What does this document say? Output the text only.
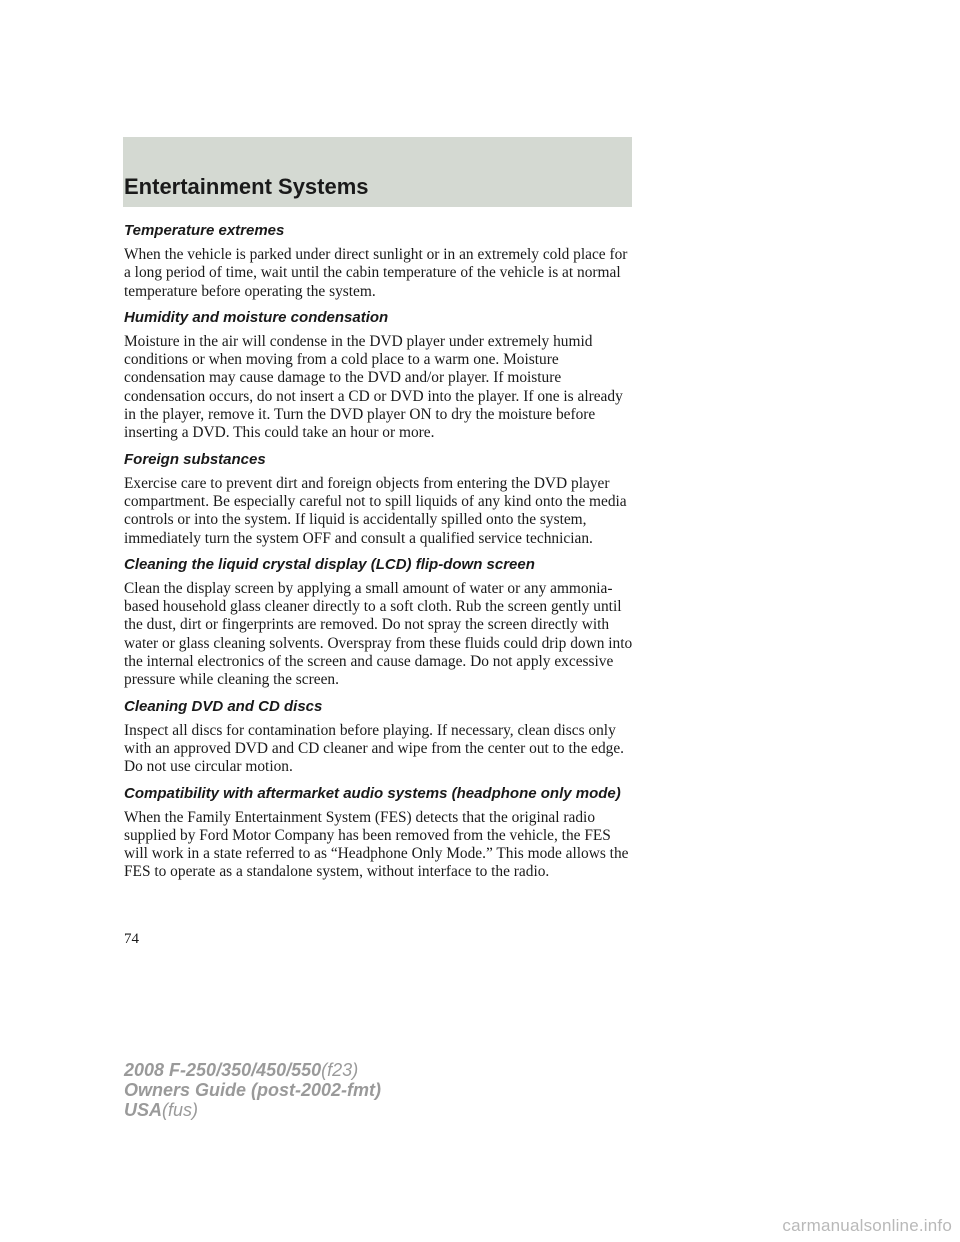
Entertainment Systems
Temperature extremes

When the vehicle is parked under direct sunlight or in an extremely cold place for a long period of time, wait until the cabin temperature of the vehicle is at normal temperature before operating the system.

Humidity and moisture condensation

Moisture in the air will condense in the DVD player under extremely humid conditions or when moving from a cold place to a warm one. Moisture condensation may cause damage to the DVD and/or player. If moisture condensation occurs, do not insert a CD or DVD into the player. If one is already in the player, remove it. Turn the DVD player ON to dry the moisture before inserting a DVD. This could take an hour or more.

Foreign substances

Exercise care to prevent dirt and foreign objects from entering the DVD player compartment. Be especially careful not to spill liquids of any kind onto the media controls or into the system. If liquid is accidentally spilled onto the system, immediately turn the system OFF and consult a qualified service technician.

Cleaning the liquid crystal display (LCD) flip-down screen

Clean the display screen by applying a small amount of water or any ammonia-based household glass cleaner directly to a soft cloth. Rub the screen gently until the dust, dirt or fingerprints are removed. Do not spray the screen directly with water or glass cleaning solvents. Overspray from these fluids could drip down into the internal electronics of the screen and cause damage. Do not apply excessive pressure while cleaning the screen.

Cleaning DVD and CD discs

Inspect all discs for contamination before playing. If necessary, clean discs only with an approved DVD and CD cleaner and wipe from the center out to the edge. Do not use circular motion.

Compatibility with aftermarket audio systems (headphone only mode)

When the Family Entertainment System (FES) detects that the original radio supplied by Ford Motor Company has been removed from the vehicle, the FES will work in a state referred to as “Headphone Only Mode.” This mode allows the FES to operate as a standalone system, without interface to the radio.

74
2008 F-250/350/450/550(f23)
Owners Guide (post-2002-fmt)
USA(fus)
carmanualsonline.info
